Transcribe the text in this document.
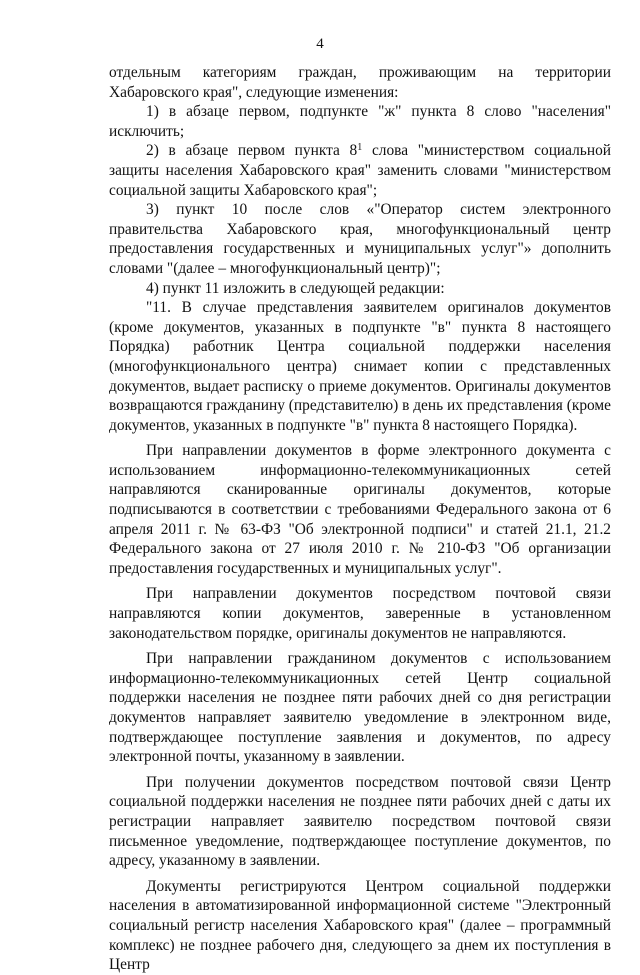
4

отдельным категориям граждан, проживающим на территории Хабаровского края", следующие изменения:

1) в абзаце первом, подпункте "ж" пункта 8 слово "населения" исключить;

2) в абзаце первом пункта $8^1$ слова "министерством социальной защиты населения Хабаровского края" заменить словами "министерством социальной защиты Хабаровского края";

3) пункт 10 после слов «"Оператор систем электронного правительства Хабаровского края, многофункциональный центр предоставления государственных и муниципальных услуг"» дополнить словами "(далее – многофункциональный центр)";

4) пункт 11 изложить в следующей редакции:

"11. В случае представления заявителем оригиналов документов (кроме документов, указанных в подпункте "в" пункта 8 настоящего Порядка) работник Центра социальной поддержки населения (многофункционального центра) снимает копии с представленных документов, выдает расписку о приеме документов. Оригиналы документов возвращаются гражданину (представителю) в день их представления (кроме документов, указанных в подпункте "в" пункта 8 настоящего Порядка).

При направлении документов в форме электронного документа с использованием информационно-телекоммуникационных сетей направляются сканированные оригиналы документов, которые подписываются в соответствии с требованиями Федерального закона от 6 апреля 2011 г. № 63-ФЗ "Об электронной подписи" и статей 21.1, 21.2 Федерального закона от 27 июля 2010 г. № 210-ФЗ "Об организации предоставления государственных и муниципальных услуг".

При направлении документов посредством почтовой связи направляются копии документов, заверенные в установленном законодательством порядке, оригиналы документов не направляются.

При направлении гражданином документов с использованием информационно-телекоммуникационных сетей Центр социальной поддержки населения не позднее пяти рабочих дней со дня регистрации документов направляет заявителю уведомление в электронном виде, подтверждающее поступление заявления и документов, по адресу электронной почты, указанному в заявлении.

При получении документов посредством почтовой связи Центр социальной поддержки населения не позднее пяти рабочих дней с даты их регистрации направляет заявителю посредством почтовой связи письменное уведомление, подтверждающее поступление документов, по адресу, указанному в заявлении.

Документы регистрируются Центром социальной поддержки населения в автоматизированной информационной системе "Электронный социальный регистр населения Хабаровского края" (далее – программный комплекс) не позднее рабочего дня, следующего за днем их поступления в Центр
